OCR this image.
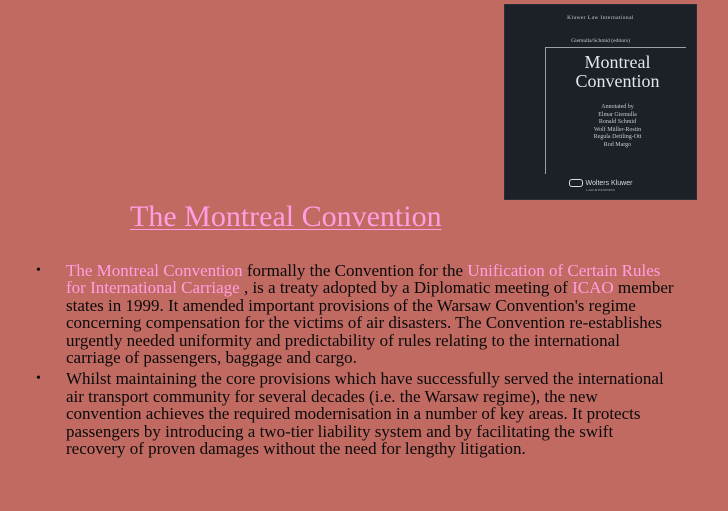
Kluwer Law International
Giemulla/Schmid (editors)
Montreal
Convention
Annotated by
Elmar Giemulla
Ronald Schmid
Wolf Müller-Rostin
Regula Dettling-Ott
Rod Margo
Wolters Kluwer
LAW & BUSINESS
The Montreal Convention
• The Montreal Convention formally the Convention for the Unification of Certain Rules for International Carriage , is a treaty adopted by a Diplomatic meeting of ICAO member states in 1999. It amended important provisions of the Warsaw Convention's regime concerning compensation for the victims of air disasters. The Convention re-establishes urgently needed uniformity and predictability of rules relating to the international carriage of passengers, baggage and cargo.
• Whilst maintaining the core provisions which have successfully served the international air transport community for several decades (i.e. the Warsaw regime), the new convention achieves the required modernisation in a number of key areas. It protects passengers by introducing a two-tier liability system and by facilitating the swift recovery of proven damages without the need for lengthy litigation.
